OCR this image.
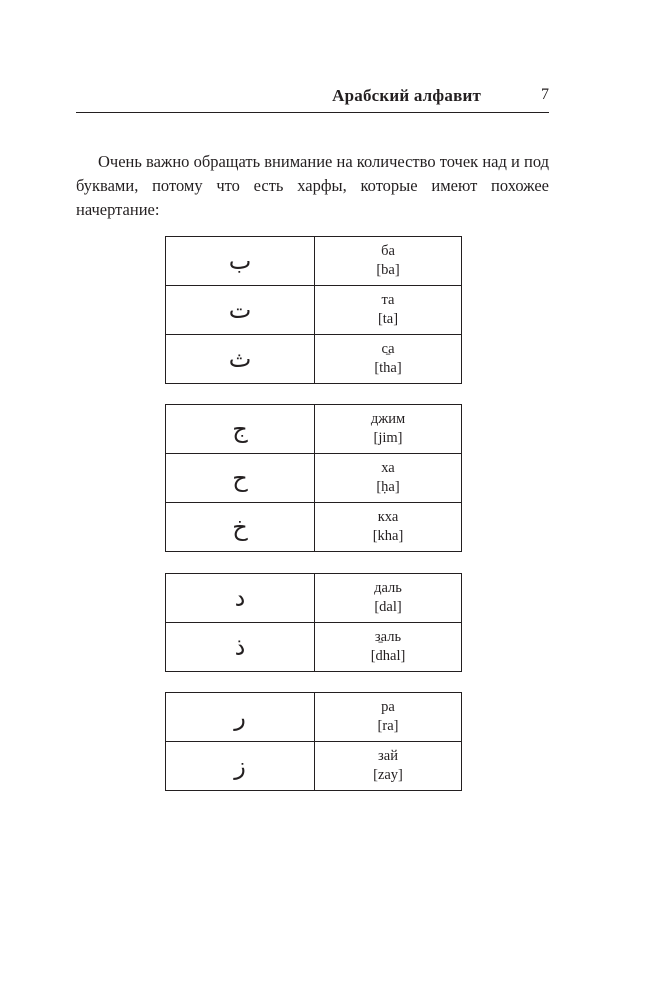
Арабский алфавит	7

Очень важно обращать внимание на количество точек над и под буквами, потому что есть харфы, которые имеют похожее начертание:

ب	ба
[ba]

ت	та
[ta]

ث	с̱а
[tha]
ج	джим
[jim]

ح	ха
[ḥa]

خ	кха
[kha]
د	даль
[dal]

ذ	з̱аль
[dhal]
ر	ра
[ra]

ز	зай
[zay]
